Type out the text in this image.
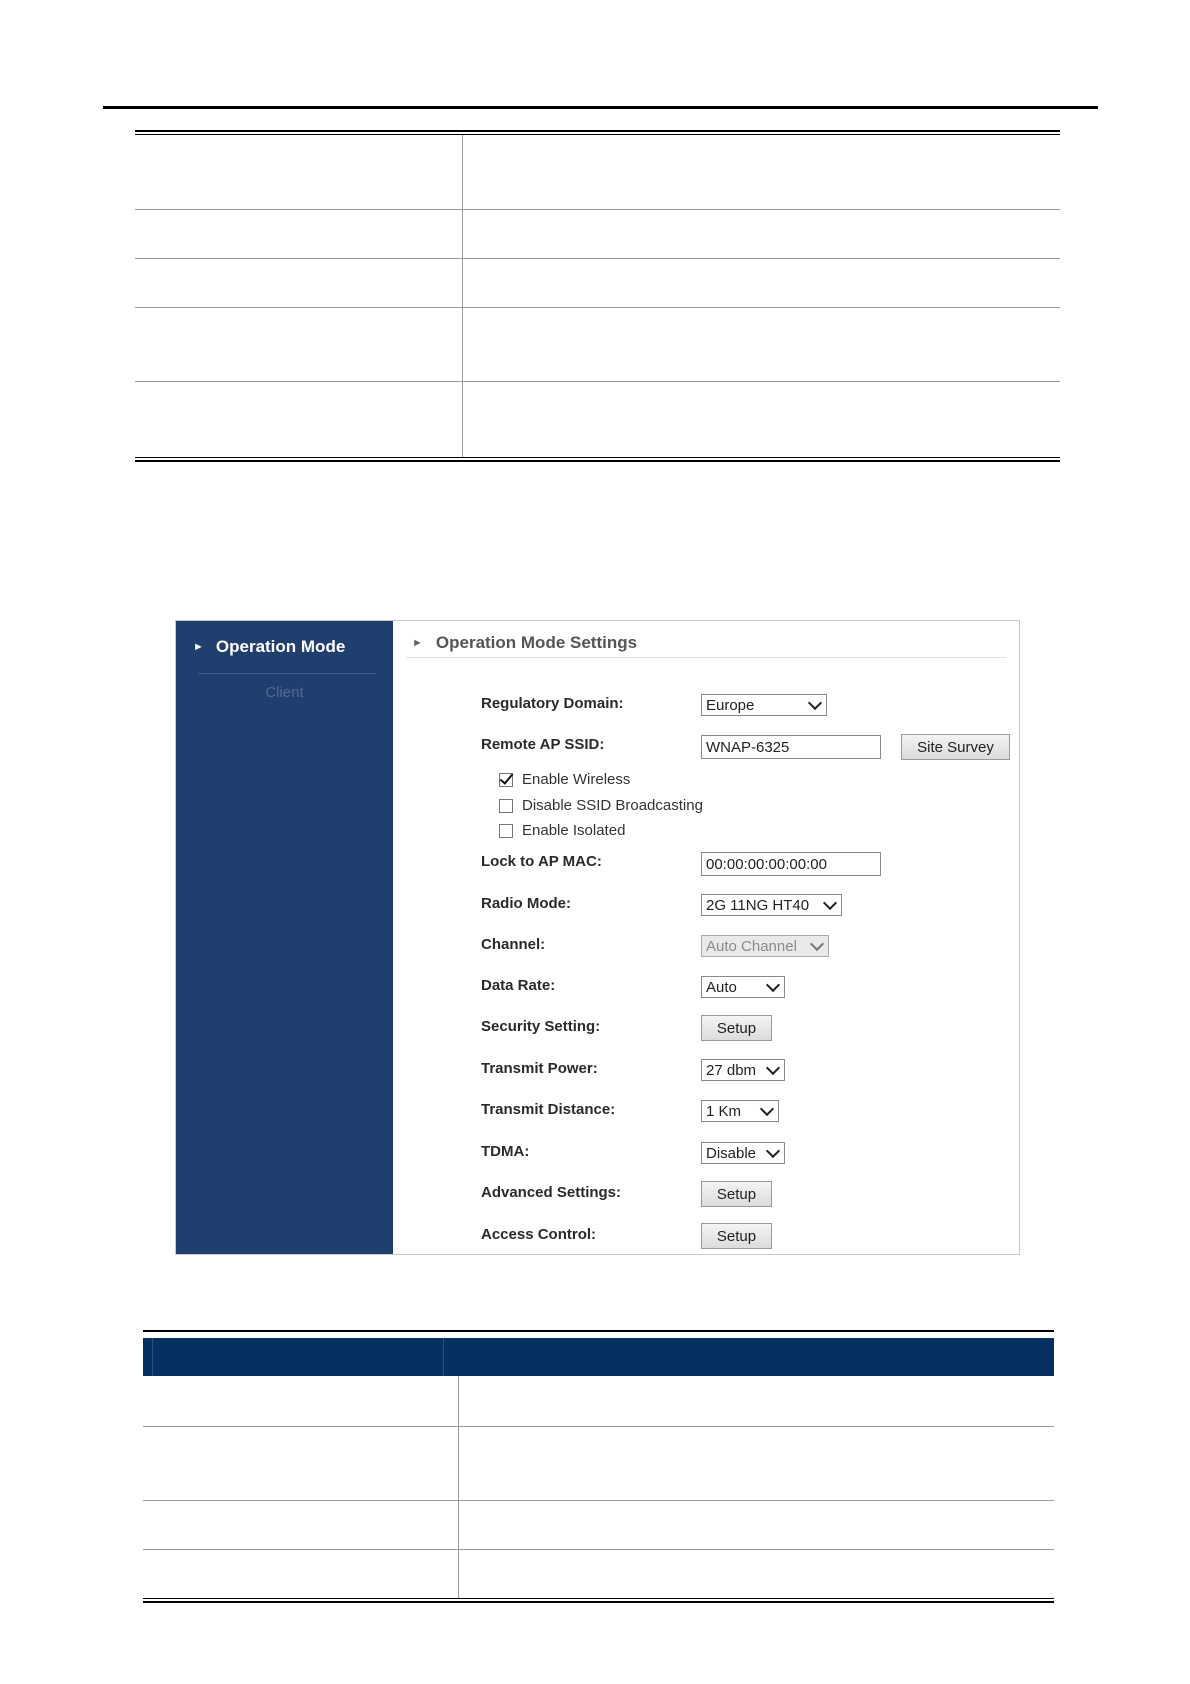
► Operation Mode
Client
► Operation Mode Settings
Regulatory Domain:	Europe
Remote AP SSID:	WNAP-6325	Site Survey
Enable Wireless
Disable SSID Broadcasting
Enable Isolated
Lock to AP MAC:	00:00:00:00:00:00
Radio Mode:	2G 11NG HT40
Channel:	Auto Channel
Data Rate:	Auto
Security Setting:	Setup
Transmit Power:	27 dbm
Transmit Distance:	1 Km
TDMA:	Disable
Advanced Settings:	Setup
Access Control:	Setup
